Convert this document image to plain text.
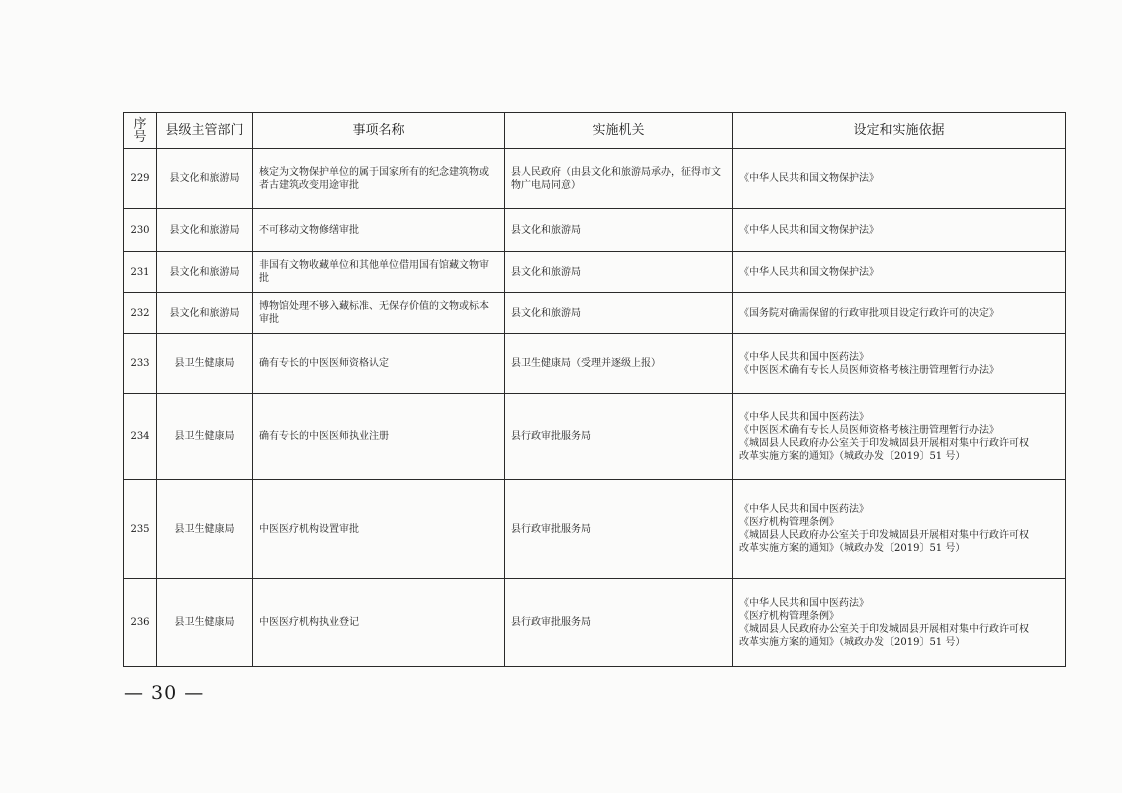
序
号	县级主管部门	事项名称	实施机关	设定和实施依据
229	县文化和旅游局	核定为文物保护单位的属于国家所有的纪念建筑物或者古建筑改变用途审批	县人民政府（由县文化和旅游局承办，征得市文物广电局同意）	《中华人民共和国文物保护法》

230	县文化和旅游局	不可移动文物修缮审批	县文化和旅游局	《中华人民共和国文物保护法》

231	县文化和旅游局	非国有文物收藏单位和其他单位借用国有馆藏文物审批	县文化和旅游局	《中华人民共和国文物保护法》

232	县文化和旅游局	博物馆处理不够入藏标准、无保存价值的文物或标本审批	县文化和旅游局	《国务院对确需保留的行政审批项目设定行政许可的决定》

233	县卫生健康局	确有专长的中医医师资格认定	县卫生健康局（受理并逐级上报）	《中华人民共和国中医药法》
《中医医术确有专长人员医师资格考核注册管理暂行办法》

234	县卫生健康局	确有专长的中医医师执业注册	县行政审批服务局	《中华人民共和国中医药法》
《中医医术确有专长人员医师资格考核注册管理暂行办法》
《城固县人民政府办公室关于印发城固县开展相对集中行政许可权
改革实施方案的通知》（城政办发〔2019〕51 号）

235	县卫生健康局	中医医疗机构设置审批	县行政审批服务局	《中华人民共和国中医药法》
《医疗机构管理条例》
《城固县人民政府办公室关于印发城固县开展相对集中行政许可权
改革实施方案的通知》（城政办发〔2019〕51 号）

236	县卫生健康局	中医医疗机构执业登记	县行政审批服务局	《中华人民共和国中医药法》
《医疗机构管理条例》
《城固县人民政府办公室关于印发城固县开展相对集中行政许可权
改革实施方案的通知》（城政办发〔2019〕51 号）
— 30 —
